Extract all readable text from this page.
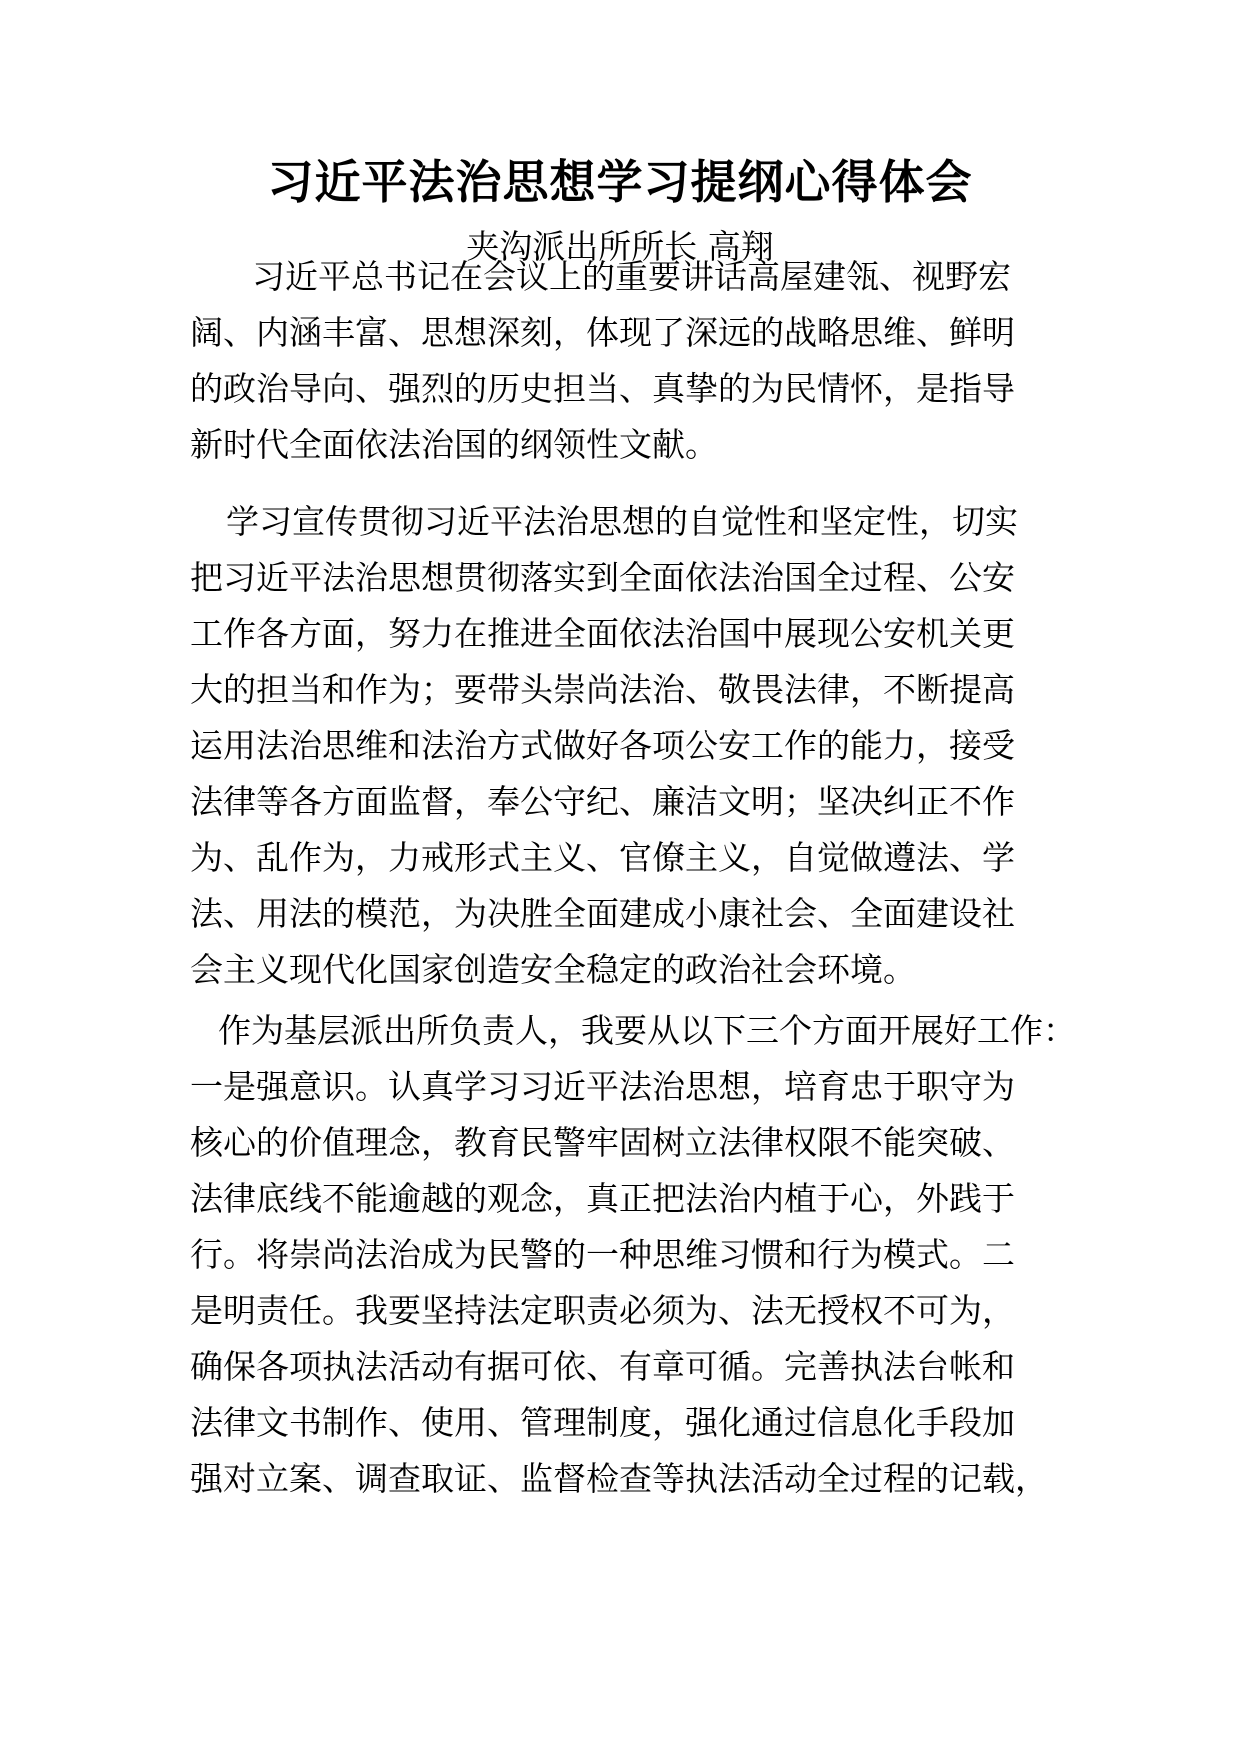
习近平法治思想学习提纲心得体会
夹沟派出所所长 高翔
习近平总书记在会议上的重要讲话高屋建瓴、视野宏
阔、内涵丰富、思想深刻，体现了深远的战略思维、鲜明
的政治导向、强烈的历史担当、真挚的为民情怀，是指导
新时代全面依法治国的纲领性文献。
学习宣传贯彻习近平法治思想的自觉性和坚定性，切实
把习近平法治思想贯彻落实到全面依法治国全过程、公安
工作各方面，努力在推进全面依法治国中展现公安机关更
大的担当和作为；要带头崇尚法治、敬畏法律，不断提高
运用法治思维和法治方式做好各项公安工作的能力，接受
法律等各方面监督，奉公守纪、廉洁文明；坚决纠正不作
为、乱作为，力戒形式主义、官僚主义，自觉做遵法、学
法、用法的模范，为决胜全面建成小康社会、全面建设社
会主义现代化国家创造安全稳定的政治社会环境。
作为基层派出所负责人，我要从以下三个方面开展好工作：
一是强意识。认真学习习近平法治思想，培育忠于职守为
核心的价值理念，教育民警牢固树立法律权限不能突破、
法律底线不能逾越的观念，真正把法治内植于心，外践于
行。将崇尚法治成为民警的一种思维习惯和行为模式。二
是明责任。我要坚持法定职责必须为、法无授权不可为，
确保各项执法活动有据可依、有章可循。完善执法台帐和
法律文书制作、使用、管理制度，强化通过信息化手段加
强对立案、调查取证、监督检查等执法活动全过程的记载，
